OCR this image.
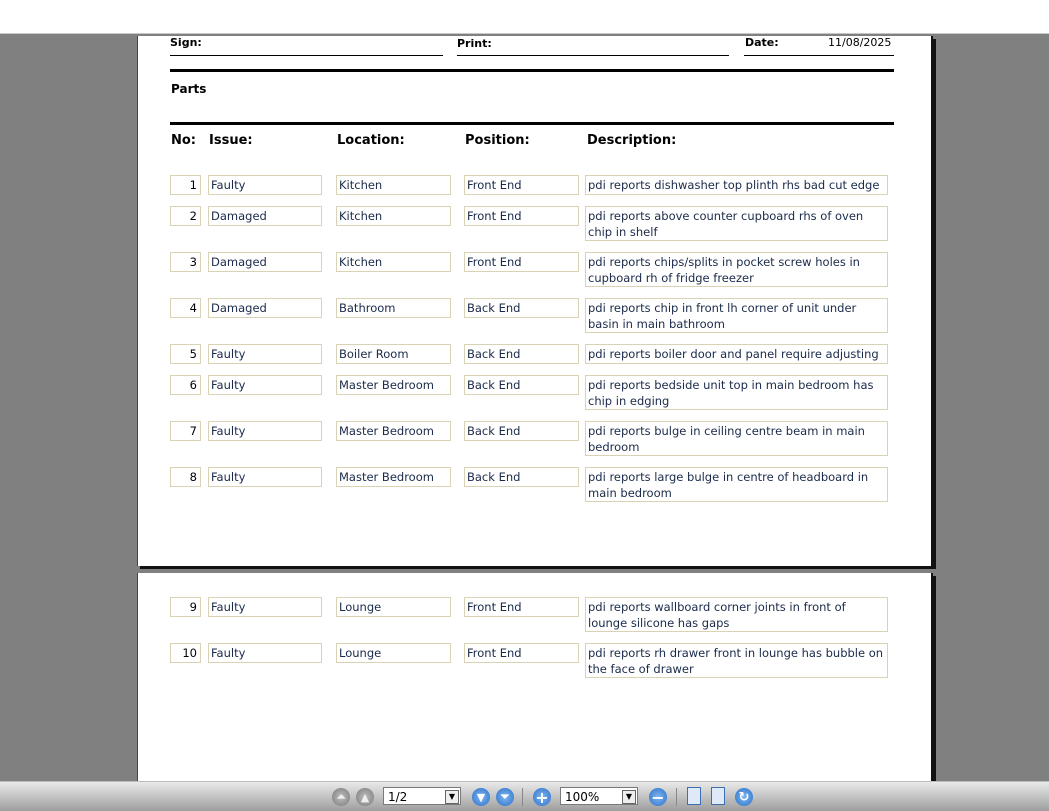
Sign:	Print:	Date:	11/08/2025
Parts
No: Issue:	Location:	Position:	Description:
1	Faulty	Kitchen	Front End	pdi reports dishwasher top plinth rhs bad cut edge
2	Damaged	Kitchen	Front End	pdi reports above counter cupboard rhs of oven chip in shelf
3	Damaged	Kitchen	Front End	pdi reports chips/splits in pocket screw holes in cupboard rh of fridge freezer
4	Damaged	Bathroom	Back End	pdi reports chip in front lh corner of unit under basin in main bathroom
5	Faulty	Boiler Room	Back End	pdi reports boiler door and panel require adjusting
6	Faulty	Master Bedroom	Back End	pdi reports bedside unit top in main bedroom has chip in edging
7	Faulty	Master Bedroom	Back End	pdi reports bulge in ceiling centre beam in main bedroom
8	Faulty	Master Bedroom	Back End	pdi reports large bulge in centre of headboard in main bedroom
9	Faulty	Lounge	Front End	pdi reports wallboard corner joints in front of lounge silicone has gaps
10	Faulty	Lounge	Front End	pdi reports rh drawer front in lounge has bubble on the face of drawer
⏶	▲	1/2	▼	▼	⏷ +	100%	▼ −	↻
